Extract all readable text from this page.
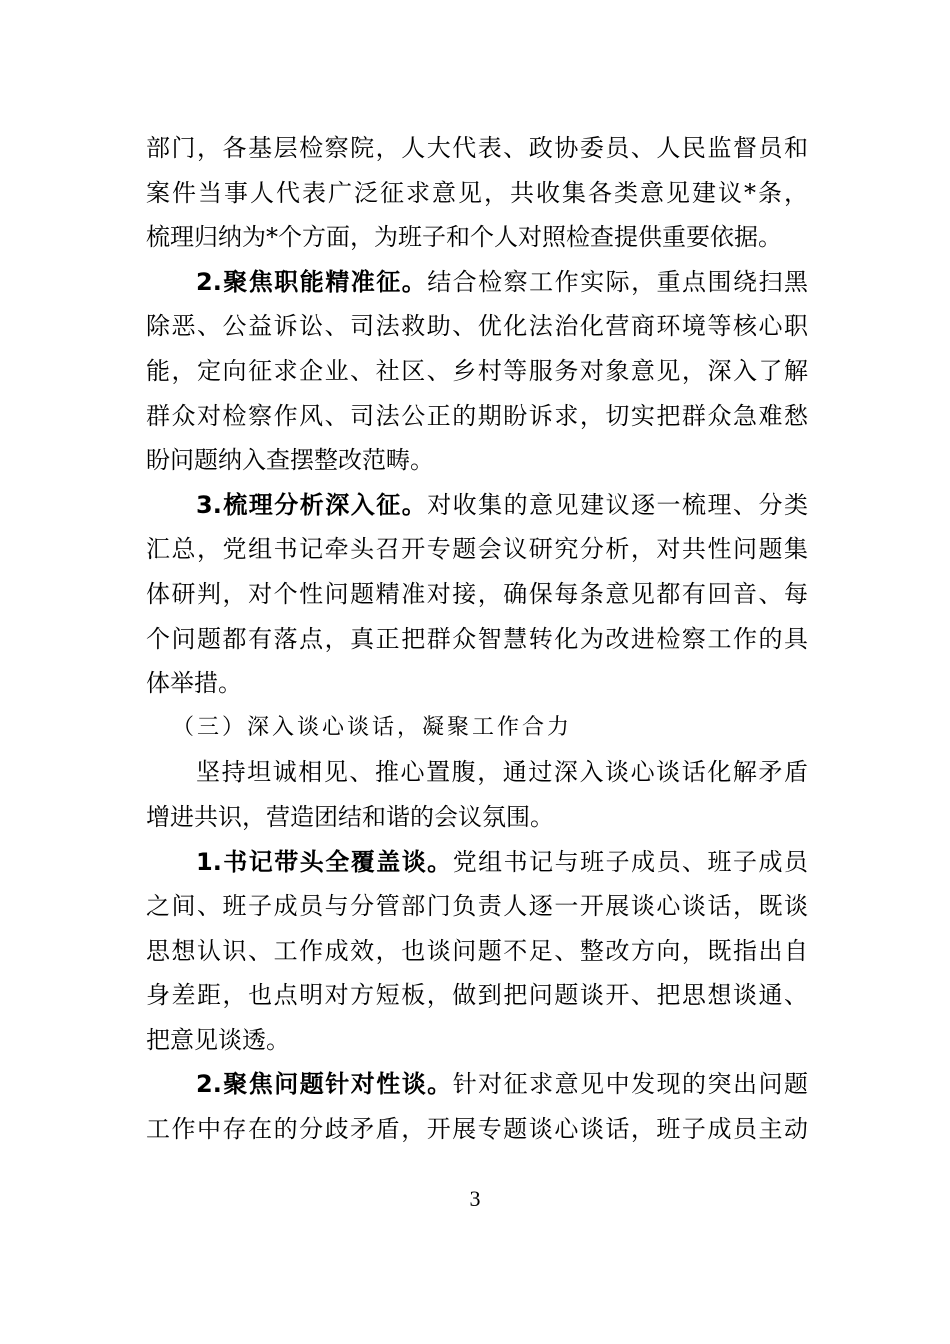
部门，各基层检察院，人大代表、政协委员、人民监督员和
案件当事人代表广泛征求意见，共收集各类意见建议*条，
梳理归纳为*个方面，为班子和个人对照检查提供重要依据。
2.聚焦职能精准征。结合检察工作实际，重点围绕扫黑
除恶、公益诉讼、司法救助、优化法治化营商环境等核心职
能，定向征求企业、社区、乡村等服务对象意见，深入了解
群众对检察作风、司法公正的期盼诉求，切实把群众急难愁
盼问题纳入查摆整改范畴。
3.梳理分析深入征。对收集的意见建议逐一梳理、分类
汇总，党组书记牵头召开专题会议研究分析，对共性问题集
体研判，对个性问题精准对接，确保每条意见都有回音、每
个问题都有落点，真正把群众智慧转化为改进检察工作的具
体举措。
（三）深入谈心谈话，凝聚工作合力
坚持坦诚相见、推心置腹，通过深入谈心谈话化解矛盾
增进共识，营造团结和谐的会议氛围。
1.书记带头全覆盖谈。党组书记与班子成员、班子成员
之间、班子成员与分管部门负责人逐一开展谈心谈话，既谈
思想认识、工作成效，也谈问题不足、整改方向，既指出自
身差距，也点明对方短板，做到把问题谈开、把思想谈通、
把意见谈透。
2.聚焦问题针对性谈。针对征求意见中发现的突出问题
工作中存在的分歧矛盾，开展专题谈心谈话，班子成员主动
3
